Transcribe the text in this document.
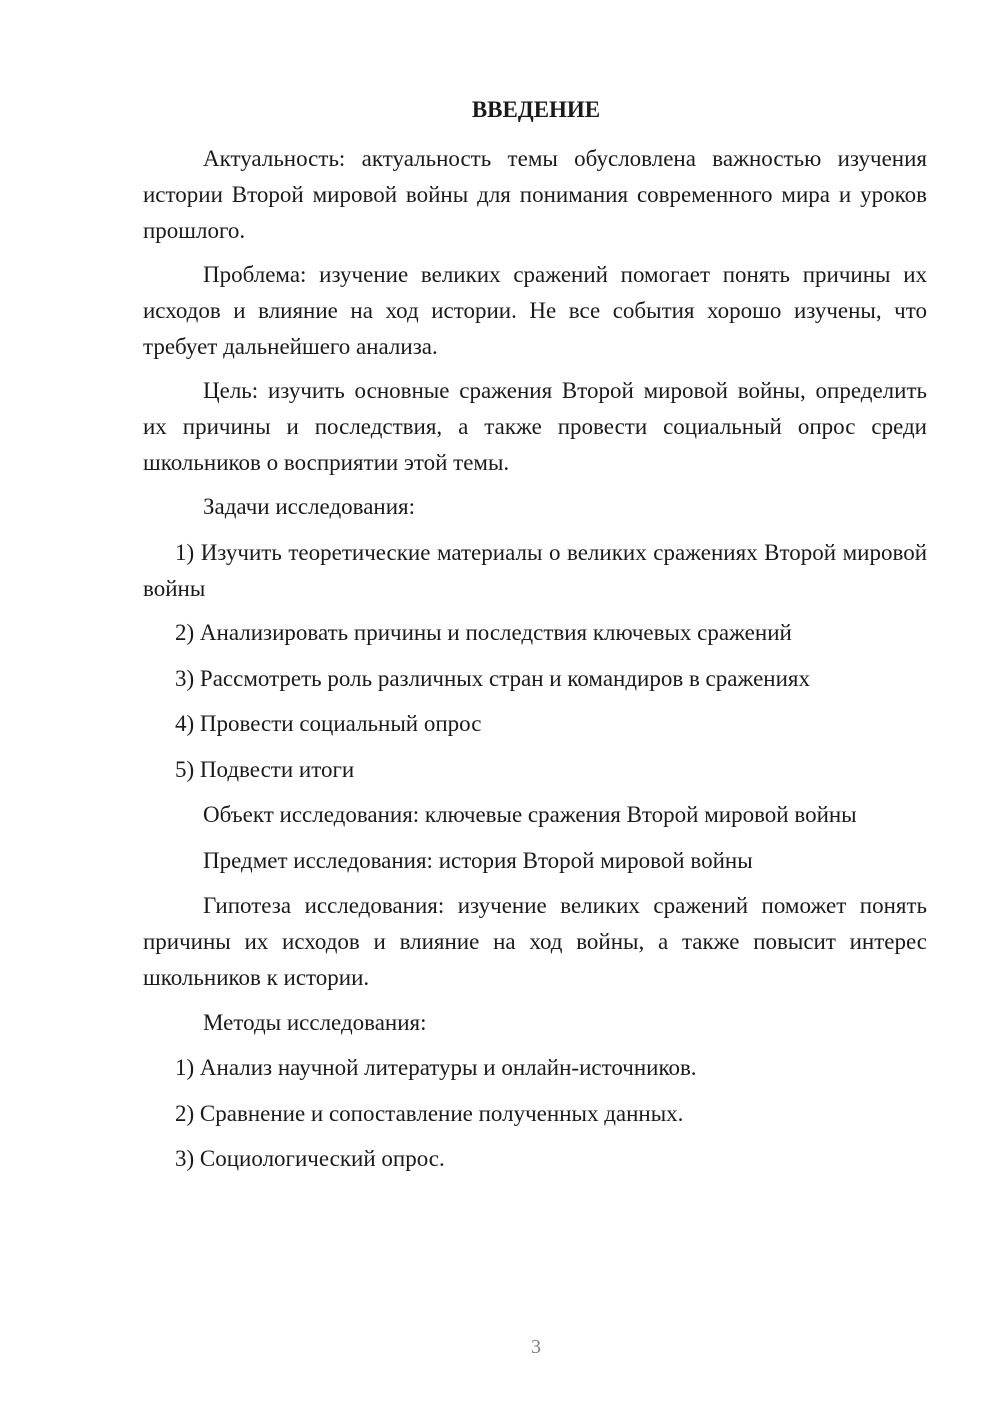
ВВЕДЕНИЕ
Актуальность: актуальность темы обусловлена важностью изучения истории Второй мировой войны для понимания современного мира и уроков прошлого.
Проблема: изучение великих сражений помогает понять причины их исходов и влияние на ход истории. Не все события хорошо изучены, что требует дальнейшего анализа.
Цель: изучить основные сражения Второй мировой войны, определить их причины и последствия, а также провести социальный опрос среди школьников о восприятии этой темы.
Задачи исследования:
1) Изучить теоретические материалы о великих сражениях Второй мировой войны
2) Анализировать причины и последствия ключевых сражений
3) Рассмотреть роль различных стран и командиров в сражениях
4) Провести социальный опрос
5) Подвести итоги
Объект исследования: ключевые сражения Второй мировой войны
Предмет исследования: история Второй мировой войны
Гипотеза исследования: изучение великих сражений поможет понять причины их исходов и влияние на ход войны, а также повысит интерес школьников к истории.
Методы исследования:
1) Анализ научной литературы и онлайн-источников.
2) Сравнение и сопоставление полученных данных.
3) Социологический опрос.
3
